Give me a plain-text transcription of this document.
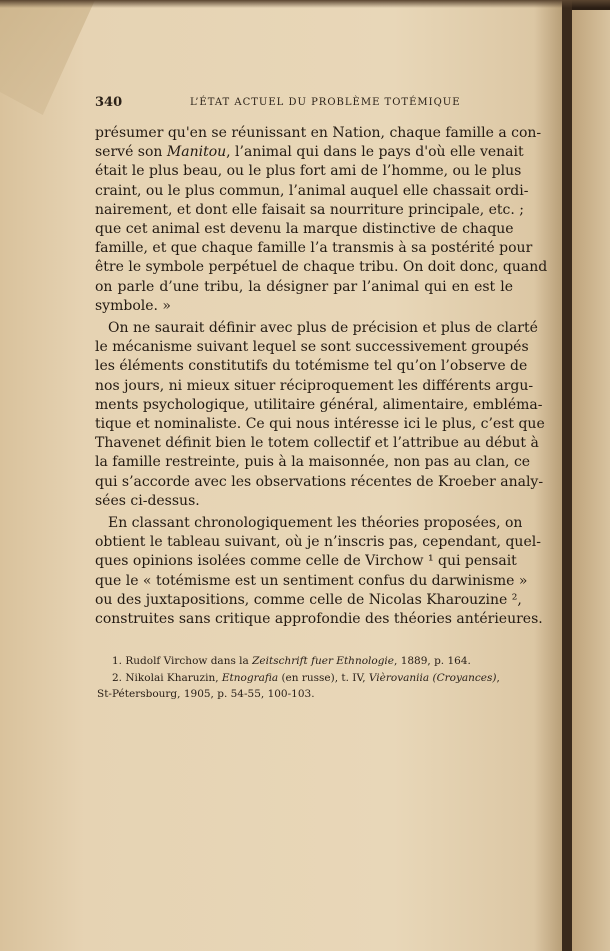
340	L’ÉTAT ACTUEL DU PROBLÈME TOTÉMIQUE
présumer qu'en se réunissant en Nation, chaque famille a con-
servé son Manitou, l’animal qui dans le pays d'où elle venait
était le plus beau, ou le plus fort ami de l’homme, ou le plus
craint, ou le plus commun, l’animal auquel elle chassait ordi-
nairement, et dont elle faisait sa nourriture principale, etc. ;
que cet animal est devenu la marque distinctive de chaque
famille, et que chaque famille l’a transmis à sa postérité pour
être le symbole perpétuel de chaque tribu. On doit donc, quand
on parle d’une tribu, la désigner par l’animal qui en est le
symbole. »
On ne saurait définir avec plus de précision et plus de clarté
le mécanisme suivant lequel se sont successivement groupés
les éléments constitutifs du totémisme tel qu’on l’observe de
nos jours, ni mieux situer réciproquement les différents argu-
ments psychologique, utilitaire général, alimentaire, embléma-
tique et nominaliste. Ce qui nous intéresse ici le plus, c’est que
Thavenet définit bien le totem collectif et l’attribue au début à
la famille restreinte, puis à la maisonnée, non pas au clan, ce
qui s’accorde avec les observations récentes de Kroeber analy-
sées ci-dessus.
En classant chronologiquement les théories proposées, on
obtient le tableau suivant, où je n’inscris pas, cependant, quel-
ques opinions isolées comme celle de Virchow ¹ qui pensait
que le « totémisme est un sentiment confus du darwinisme »
ou des juxtapositions, comme celle de Nicolas Kharouzine ²,
construites sans critique approfondie des théories antérieures.
1. Rudolf Virchow dans la Zeitschrift fuer Ethnologie, 1889, p. 164.
2. Nikolai Kharuzin, Etnografia (en russe), t. IV, Vièrovaniia (Croyances),
St-Pétersbourg, 1905, p. 54-55, 100-103.
